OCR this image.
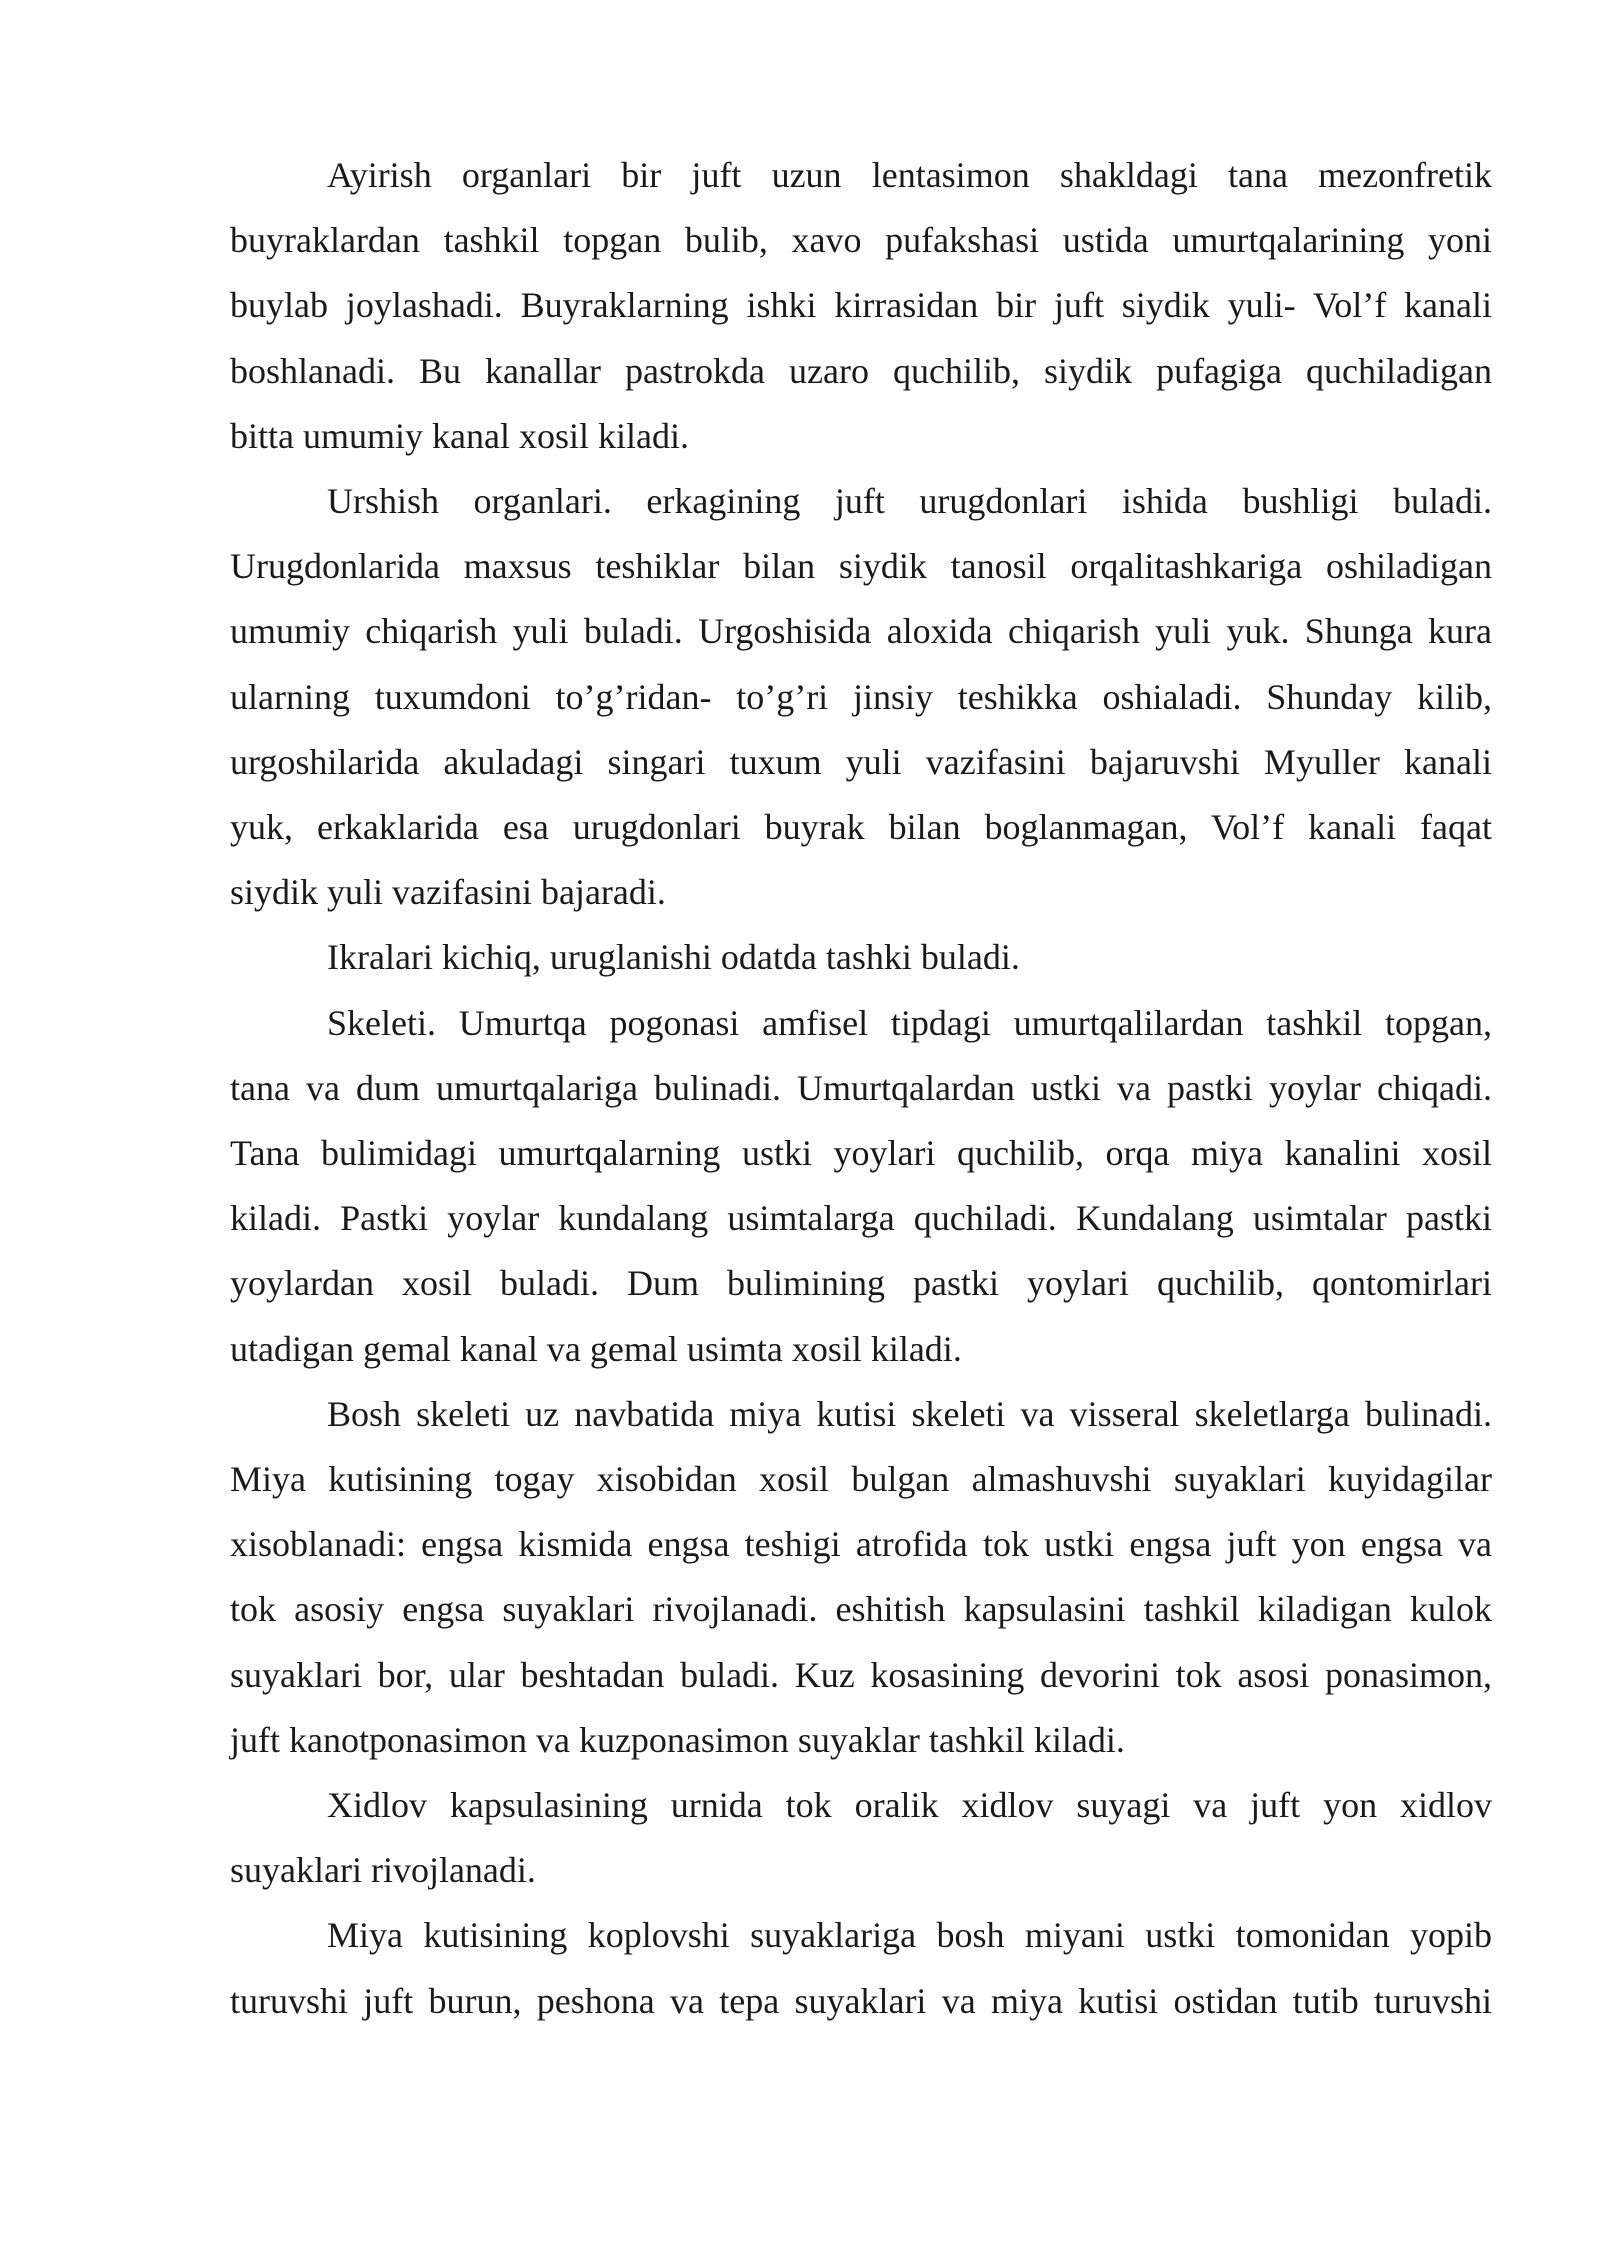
Ayirish organlari bir juft uzun lentasimon shakldagi tana mezonfretik
buyraklardan tashkil topgan bulib, xavo pufakshasi ustida umurtqalarining yoni
buylab joylashadi. Buyraklarning ishki kirrasidan bir juft siydik yuli- Vol’f kanali
boshlanadi. Bu kanallar pastrokda uzaro quchilib, siydik pufagiga quchiladigan
bitta umumiy kanal xosil kiladi.
Urshish organlari. erkagining juft urugdonlari ishida bushligi buladi.
Urugdonlarida maxsus teshiklar bilan siydik tanosil orqalitashkariga oshiladigan
umumiy chiqarish yuli buladi. Urgoshisida aloxida chiqarish yuli yuk. Shunga kura
ularning tuxumdoni to’g’ridan- to’g’ri jinsiy teshikka oshialadi. Shunday kilib,
urgoshilarida akuladagi singari tuxum yuli vazifasini bajaruvshi Myuller kanali
yuk, erkaklarida esa urugdonlari buyrak bilan boglanmagan, Vol’f kanali faqat
siydik yuli vazifasini bajaradi.
Ikralari kichiq, uruglanishi odatda tashki buladi.
Skeleti. Umurtqa pogonasi amfisel tipdagi umurtqalilardan tashkil topgan,
tana va dum umurtqalariga bulinadi. Umurtqalardan ustki va pastki yoylar chiqadi.
Tana bulimidagi umurtqalarning ustki yoylari quchilib, orqa miya kanalini xosil
kiladi. Pastki yoylar kundalang usimtalarga quchiladi. Kundalang usimtalar pastki
yoylardan xosil buladi. Dum bulimining pastki yoylari quchilib, qontomirlari
utadigan gemal kanal va gemal usimta xosil kiladi.
Bosh skeleti uz navbatida miya kutisi skeleti va visseral skeletlarga bulinadi.
Miya kutisining togay xisobidan xosil bulgan almashuvshi suyaklari kuyidagilar
xisoblanadi: engsa kismida engsa teshigi atrofida tok ustki engsa juft yon engsa va
tok asosiy engsa suyaklari rivojlanadi. eshitish kapsulasini tashkil kiladigan kulok
suyaklari bor, ular beshtadan buladi. Kuz kosasining devorini tok asosi ponasimon,
juft kanotponasimon va kuzponasimon suyaklar tashkil kiladi.
Xidlov kapsulasining urnida tok oralik xidlov suyagi va juft yon xidlov
suyaklari rivojlanadi.
Miya kutisining koplovshi suyaklariga bosh miyani ustki tomonidan yopib
turuvshi juft burun, peshona va tepa suyaklari va miya kutisi ostidan tutib turuvshi
